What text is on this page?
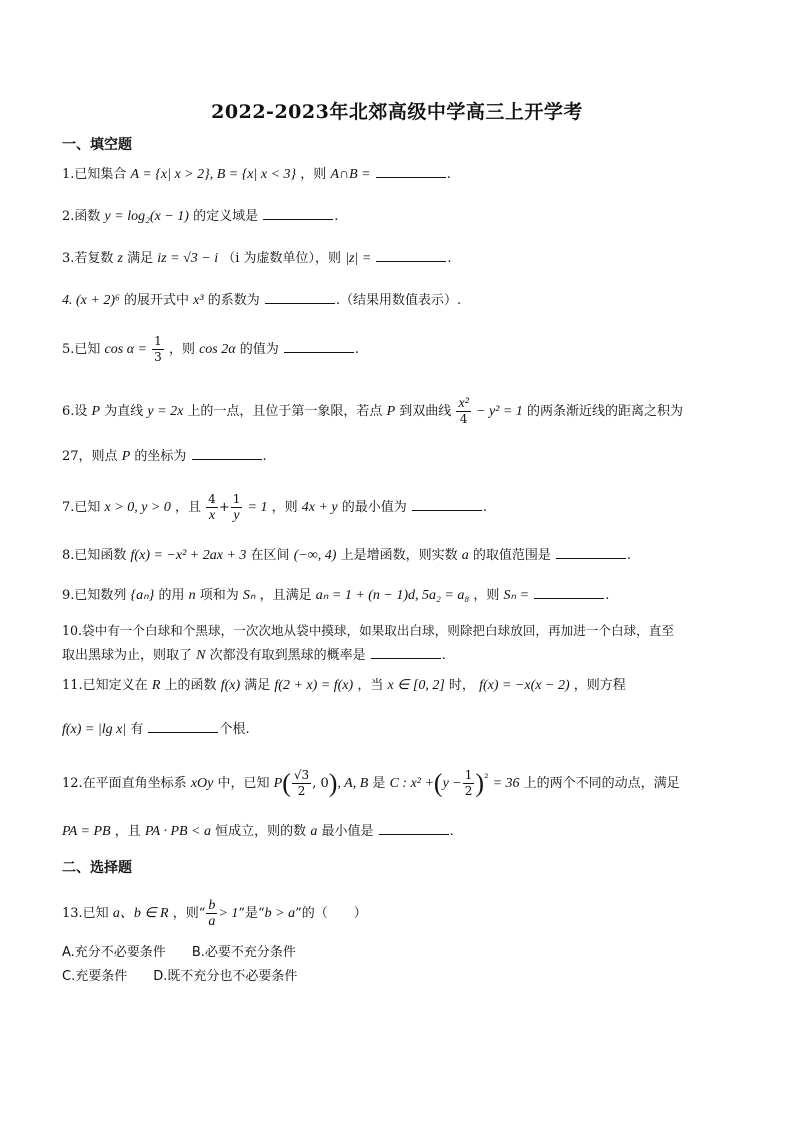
2022-2023年北郊高级中学高三上开学考
一、填空题
1.已知集合 A = {x| x > 2}, B = {x| x < 3} ，则 A∩B =	.
2.函数 y = log₂(x − 1) 的定义域是	.
3.若复数 z 满足 iz = √3 − i （i 为虚数单位），则 |z| =	.
4. (x + 2)⁶ 的展开式中 x³ 的系数为	.（结果用数值表示）.
5.已知 $\cos \alpha = \frac{1}{3}$ ，则 cos 2α 的值为	.
6.设 P 为直线 y = 2x 上的一点，且位于第一象限，若点 P 到双曲线 $\frac{\text{x²}}{4} - y^2 = 1$ 的两条渐近线的距离之积为
27，则点 P 的坐标为	.
7.已知 x > 0, y > 0 ，且 $\frac{4}{x} + \frac{1}{y} = 1$ ，则 4x + y 的最小值为	.
8.已知函数 f(x) = −x² + 2ax + 3 在区间 (−∞, 4) 上是增函数，则实数 a 的取值范围是	.
9.已知数列 {aₙ} 的用 n 项和为 Sₙ ，且满足 aₙ = 1 + (n − 1)d, 5a₂ = a₈ ，则 Sₙ =	.
10.袋中有一个白球和个黑球，一次次地从袋中摸球，如果取出白球，则除把白球放回，再加进一个白球，直至
取出黑球为止，则取了 N 次都没有取到黑球的概率是	.
11.已知定义在 R 上的函数 f(x) 满足 f(2 + x) = f(x) ，当 x ∈ [0, 2] 时， f(x) = −x(x − 2) ，则方程
f(x) = |lg x| 有	个根.
12.在平面直角坐标系 xOy 中，已知 $P( \frac{√3}{2}$ , 0), A, B 是 C : $x^2 +(y - \frac{1}{2} )^{^2} = 36$ 上的两个不同的动点，满足
PA = PB ，且 PA · PB < a 恒成立，则的数 a 最小值是	.
二、选择题
13.已知 a、b ∈ R ，则“ $\frac{b}{a} > 1$”是“b > a”的（　　）
A.充分不必要条件 B.必要不充分条件
C.充要条件 D.既不充分也不必要条件
